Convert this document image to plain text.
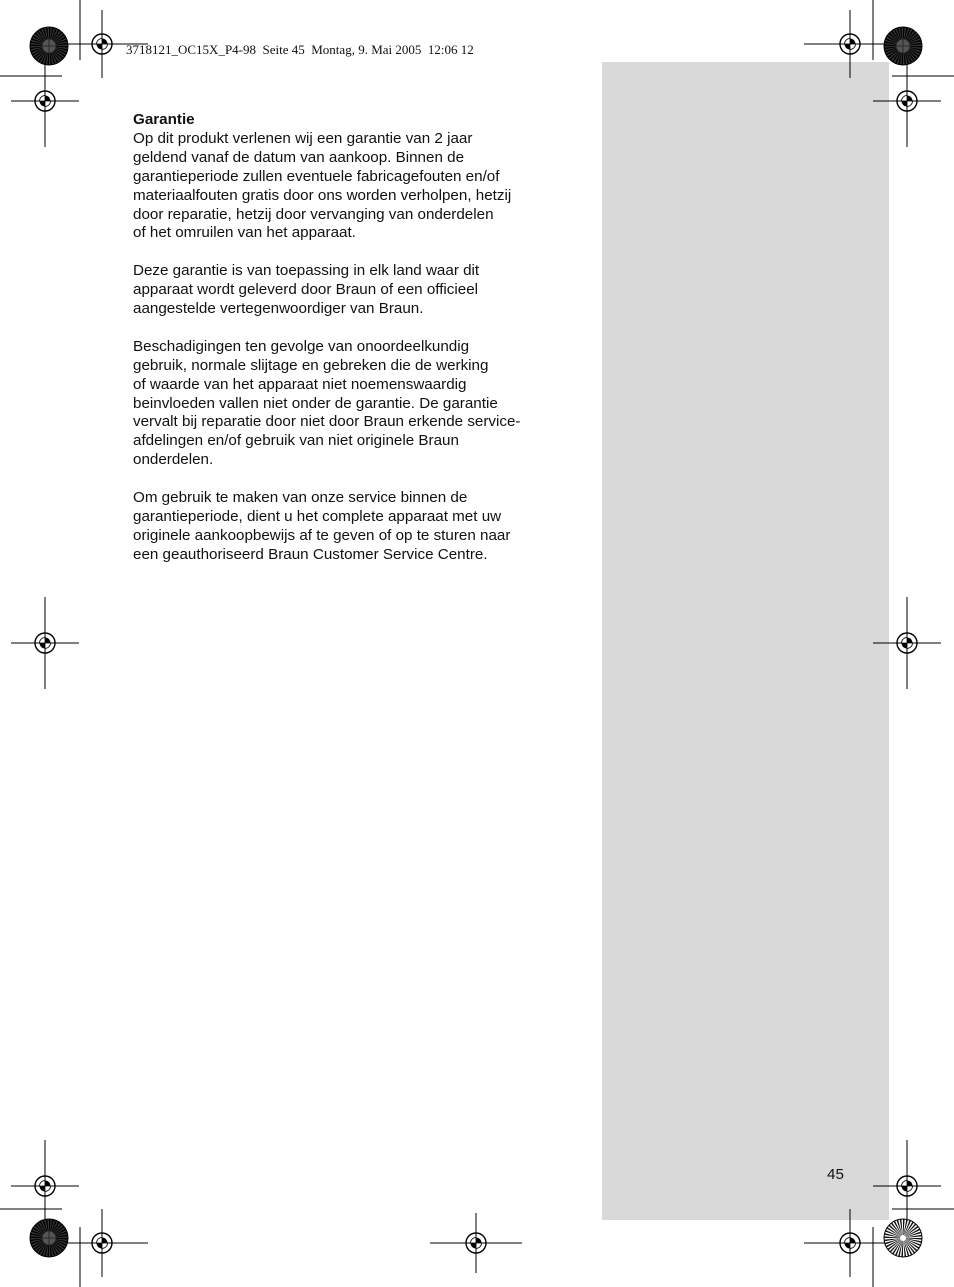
3718121_OC15X_P4-98  Seite 45  Montag, 9. Mai 2005  12:06 12
Garantie

Op dit produkt verlenen wij een garantie van 2 jaar
geldend vanaf de datum van aankoop. Binnen de
garantieperiode zullen eventuele fabricagefouten en/of
materiaalfouten gratis door ons worden verholpen, hetzij
door reparatie, hetzij door vervanging van onderdelen
of het omruilen van het apparaat.

Deze garantie is van toepassing in elk land waar dit
apparaat wordt geleverd door Braun of een officieel
aangestelde vertegenwoordiger van Braun.

Beschadigingen ten gevolge van onoordeelkundig
gebruik, normale slijtage en gebreken die de werking
of waarde van het apparaat niet noemenswaardig
beinvloeden vallen niet onder de garantie. De garantie
vervalt bij reparatie door niet door Braun erkende service-
afdelingen en/of gebruik van niet originele Braun
onderdelen.

Om gebruik te maken van onze service binnen de
garantieperiode, dient u het complete apparaat met uw
originele aankoopbewijs af te geven of op te sturen naar
een geauthoriseerd Braun Customer Service Centre.

45
